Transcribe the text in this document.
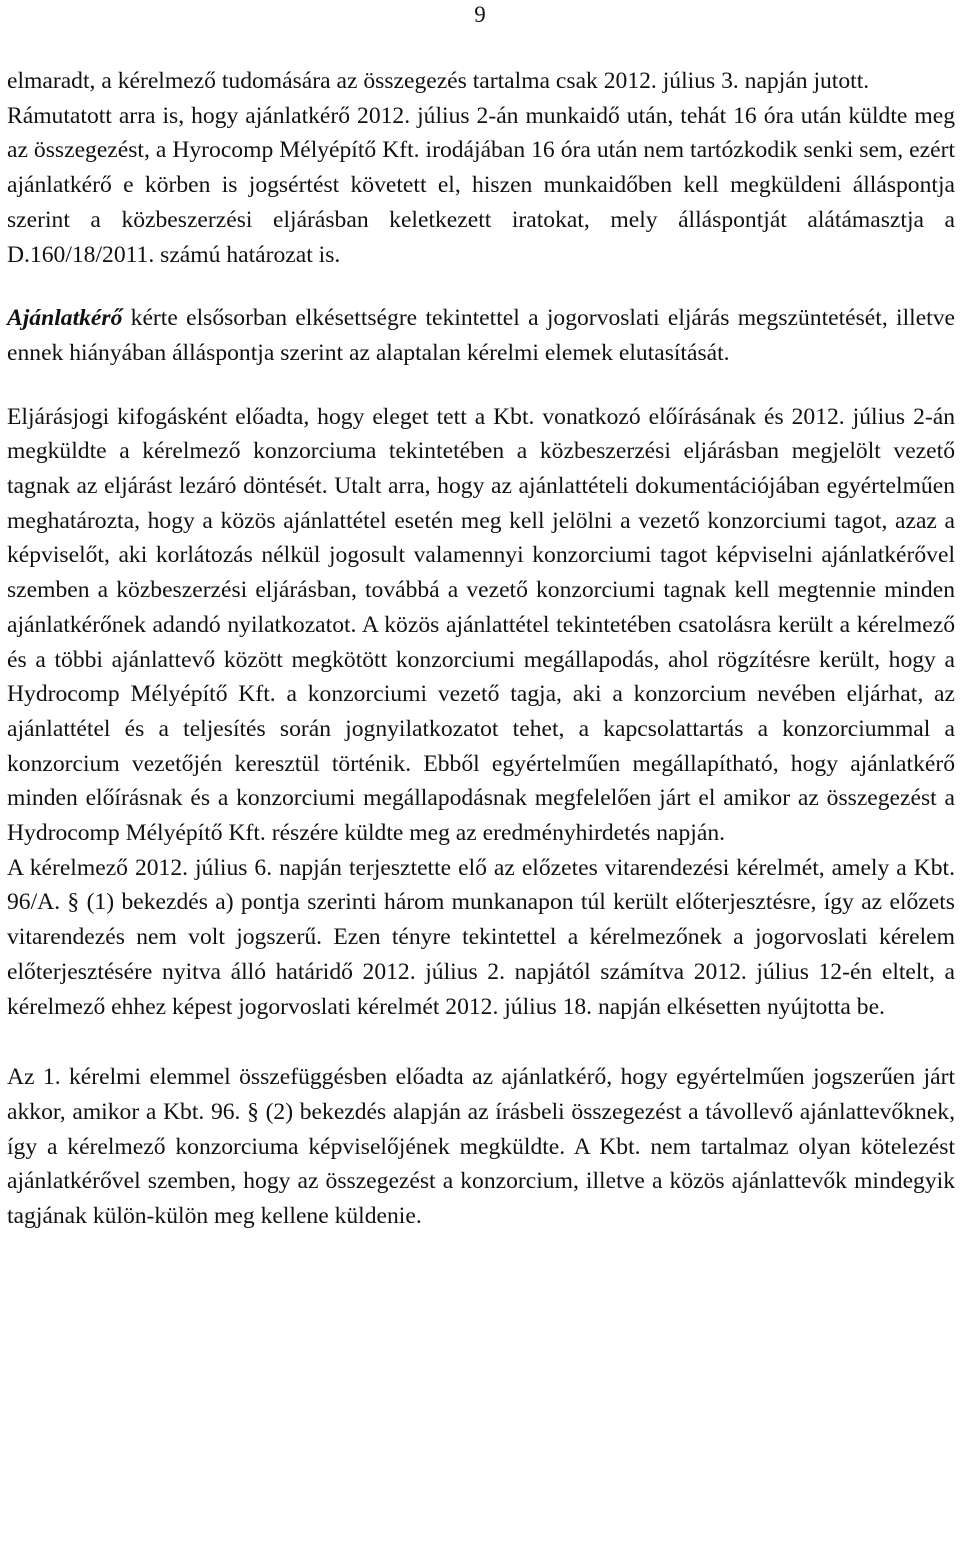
9

elmaradt, a kérelmező tudomására az összegezés tartalma csak 2012. július 3. napján jutott.

Rámutatott arra is, hogy ajánlatkérő 2012. július 2-án munkaidő után, tehát 16 óra után küldte meg az összegezést, a Hyrocomp Mélyépítő Kft. irodájában 16 óra után nem tartózkodik senki sem, ezért ajánlatkérő e körben is jogsértést követett el, hiszen munkaidőben kell megküldeni álláspontja szerint a közbeszerzési eljárásban keletkezett iratokat, mely álláspontját alátámasztja a D.160/18/2011. számú határozat is.

Ajánlatkérő kérte elsősorban elkésettségre tekintettel a jogorvoslati eljárás megszüntetését, illetve ennek hiányában álláspontja szerint az alaptalan kérelmi elemek elutasítását.

Eljárásjogi kifogásként előadta, hogy eleget tett a Kbt. vonatkozó előírásának és 2012. július 2-án megküldte a kérelmező konzorciuma tekintetében a közbeszerzési eljárásban megjelölt vezető tagnak az eljárást lezáró döntését. Utalt arra, hogy az ajánlattételi dokumentációjában egyértelműen meghatározta, hogy a közös ajánlattétel esetén meg kell jelölni a vezető konzorciumi tagot, azaz a képviselőt, aki korlátozás nélkül jogosult valamennyi konzorciumi tagot képviselni ajánlatkérővel szemben a közbeszerzési eljárásban, továbbá a vezető konzorciumi tagnak kell megtennie minden ajánlatkérőnek adandó nyilatkozatot. A közös ajánlattétel tekintetében csatolásra került a kérelmező és a többi ajánlattevő között megkötött konzorciumi megállapodás, ahol rögzítésre került, hogy a Hydrocomp Mélyépítő Kft. a konzorciumi vezető tagja, aki a konzorcium nevében eljárhat, az ajánlattétel és a teljesítés során jognyilatkozatot tehet, a kapcsolattartás a konzorciummal a konzorcium vezetőjén keresztül történik. Ebből egyértelműen megállapítható, hogy ajánlatkérő minden előírásnak és a konzorciumi megállapodásnak megfelelően járt el amikor az összegezést a Hydrocomp Mélyépítő Kft. részére küldte meg az eredményhirdetés napján.

A kérelmező 2012. július 6. napján terjesztette elő az előzetes vitarendezési kérelmét, amely a Kbt. 96/A. § (1) bekezdés a) pontja szerinti három munkanapon túl került előterjesztésre, így az előzets vitarendezés nem volt jogszerű. Ezen tényre tekintettel a kérelmezőnek a jogorvoslati kérelem előterjesztésére nyitva álló határidő 2012. július 2. napjától számítva 2012. július 12-én eltelt, a kérelmező ehhez képest jogorvoslati kérelmét 2012. július 18. napján elkésetten nyújtotta be.

Az 1. kérelmi elemmel összefüggésben előadta az ajánlatkérő, hogy egyértelműen jogszerűen járt akkor, amikor a Kbt. 96. § (2) bekezdés alapján az írásbeli összegezést a távollevő ajánlattevőknek, így a kérelmező konzorciuma képviselőjének megküldte. A Kbt. nem tartalmaz olyan kötelezést ajánlatkérővel szemben, hogy az összegezést a konzorcium, illetve a közös ajánlattevők mindegyik tagjának külön-külön meg kellene küldenie.
